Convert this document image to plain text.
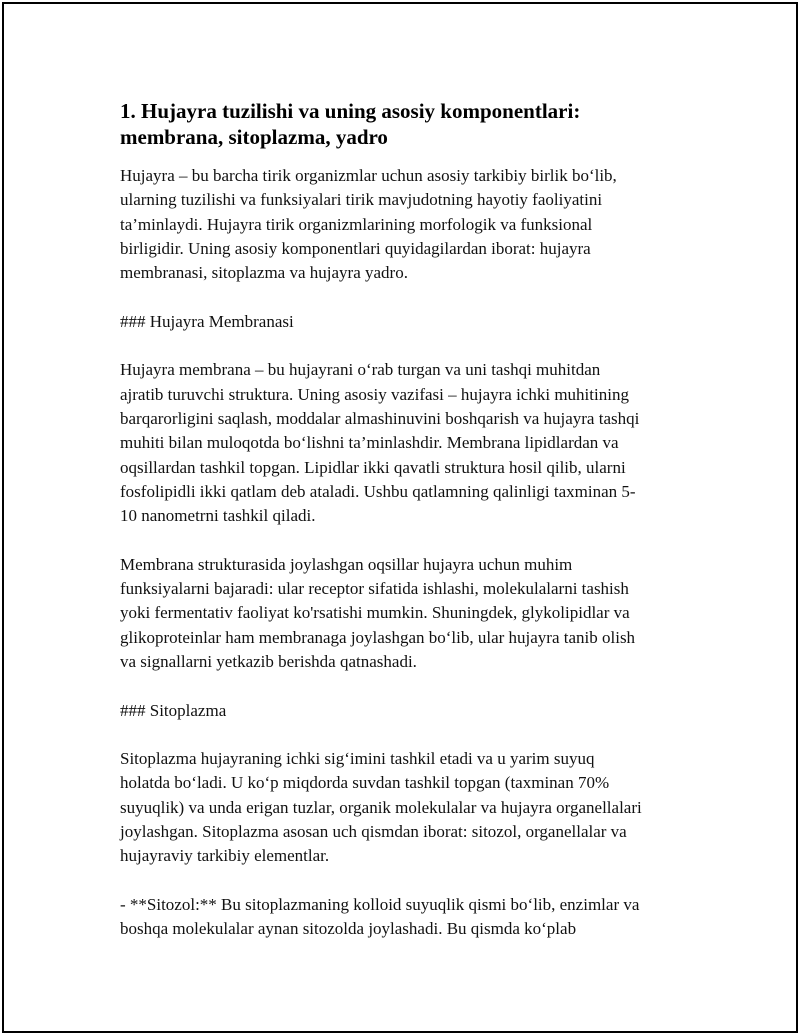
1. Hujayra tuzilishi va uning asosiy komponentlari:
membrana, sitoplazma, yadro

Hujayra – bu barcha tirik organizmlar uchun asosiy tarkibiy birlik bo‘lib,
ularning tuzilishi va funksiyalari tirik mavjudotning hayotiy faoliyatini
ta’minlaydi. Hujayra tirik organizmlarining morfologik va funksional
birligidir. Uning asosiy komponentlari quyidagilardan iborat: hujayra
membranasi, sitoplazma va hujayra yadro.

### Hujayra Membranasi

Hujayra membrana – bu hujayrani o‘rab turgan va uni tashqi muhitdan
ajratib turuvchi struktura. Uning asosiy vazifasi – hujayra ichki muhitining
barqarorligini saqlash, moddalar almashinuvini boshqarish va hujayra tashqi
muhiti bilan muloqotda bo‘lishni ta’minlashdir. Membrana lipidlardan va
oqsillardan tashkil topgan. Lipidlar ikki qavatli struktura hosil qilib, ularni
fosfolipidli ikki qatlam deb ataladi. Ushbu qatlamning qalinligi taxminan 5-
10 nanometrni tashkil qiladi.

Membrana strukturasida joylashgan oqsillar hujayra uchun muhim
funksiyalarni bajaradi: ular receptor sifatida ishlashi, molekulalarni tashish
yoki fermentativ faoliyat ko'rsatishi mumkin. Shuningdek, glykolipidlar va
glikoproteinlar ham membranaga joylashgan bo‘lib, ular hujayra tanib olish
va signallarni yetkazib berishda qatnashadi.

### Sitoplazma

Sitoplazma hujayraning ichki sig‘imini tashkil etadi va u yarim suyuq
holatda bo‘ladi. U ko‘p miqdorda suvdan tashkil topgan (taxminan 70%
suyuqlik) va unda erigan tuzlar, organik molekulalar va hujayra organellalari
joylashgan. Sitoplazma asosan uch qismdan iborat: sitozol, organellalar va
hujayraviy tarkibiy elementlar.

- **Sitozol:** Bu sitoplazmaning kolloid suyuqlik qismi bo‘lib, enzimlar va
boshqa molekulalar aynan sitozolda joylashadi. Bu qismda ko‘plab
